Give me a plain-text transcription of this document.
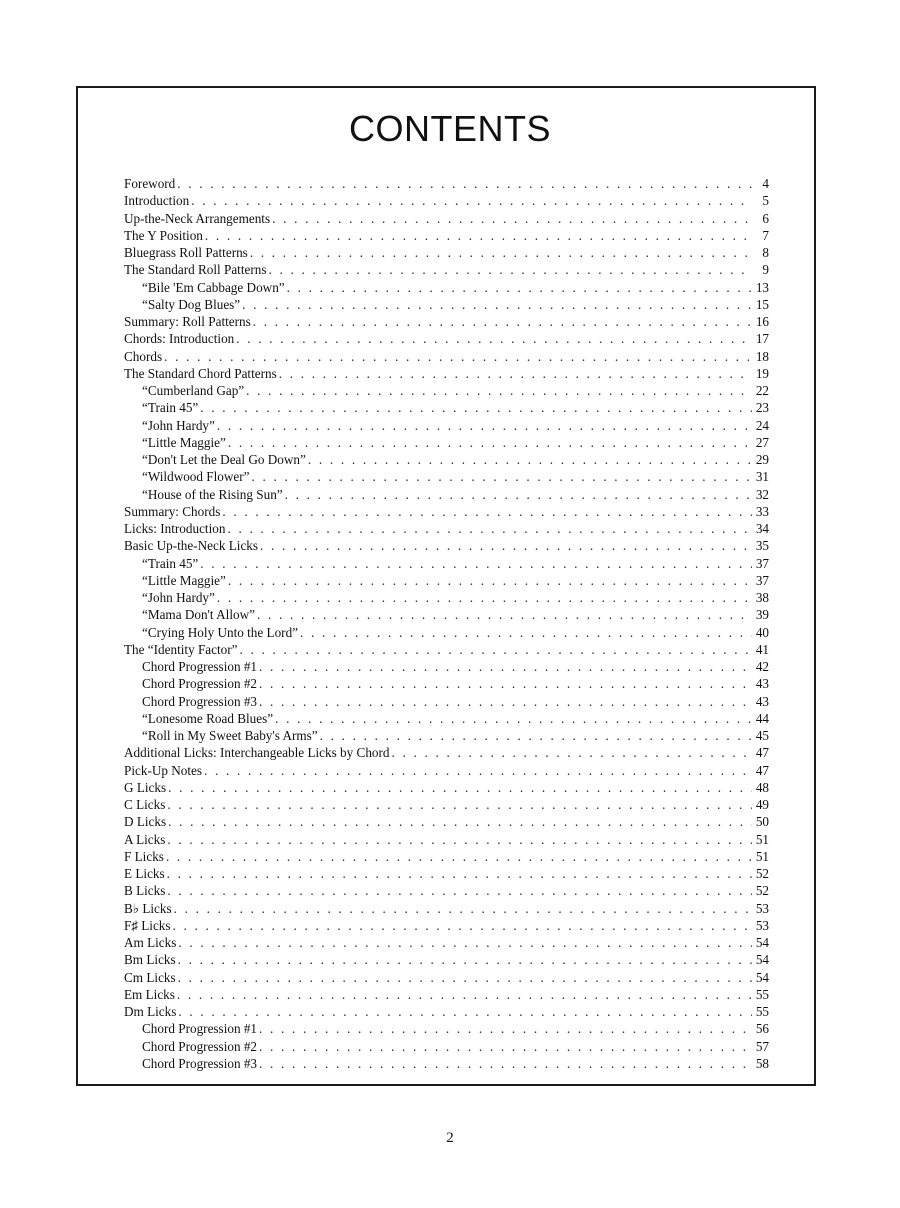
CONTENTS
Foreword . . .	4
Introduction . . .	5
Up-the-Neck Arrangements . . .	6
The Y Position . . .	7
Bluegrass Roll Patterns . . .	8
The Standard Roll Patterns . . .	9
“Bile 'Em Cabbage Down” . . .	13
“Salty Dog Blues” . . .	15
Summary: Roll Patterns . . .	16
Chords: Introduction . . .	17
Chords . . .	18
The Standard Chord Patterns . . .	19
“Cumberland Gap” . . .	22
“Train 45” . . .	23
“John Hardy” . . .	24
“Little Maggie” . . .	27
“Don't Let the Deal Go Down” . . .	29
“Wildwood Flower” . . .	31
“House of the Rising Sun” . . .	32
Summary: Chords . . .	33
Licks: Introduction . . .	34
Basic Up-the-Neck Licks . . .	35
“Train 45” . . .	37
“Little Maggie” . . .	37
“John Hardy” . . .	38
“Mama Don't Allow” . . .	39
“Crying Holy Unto the Lord” . . .	40
The “Identity Factor” . . .	41
Chord Progression #1 . . .	42
Chord Progression #2 . . .	43
Chord Progression #3 . . .	43
“Lonesome Road Blues” . . .	44
“Roll in My Sweet Baby's Arms” . . .	45
Additional Licks: Interchangeable Licks by Chord . . .	47
Pick-Up Notes . . .	47
G Licks . . .	48
C Licks . . .	49
D Licks . . .	50
A Licks . . .	51
F Licks . . .	51
E Licks . . .	52
B Licks . . .	52
B♭ Licks . . .	53
F♯ Licks . . .	53
Am Licks . . .	54
Bm Licks . . .	54
Cm Licks . . .	54
Em Licks . . .	55
Dm Licks . . .	55
Chord Progression #1 . . .	56
Chord Progression #2 . . .	57
Chord Progression #3 . . .	58
2
